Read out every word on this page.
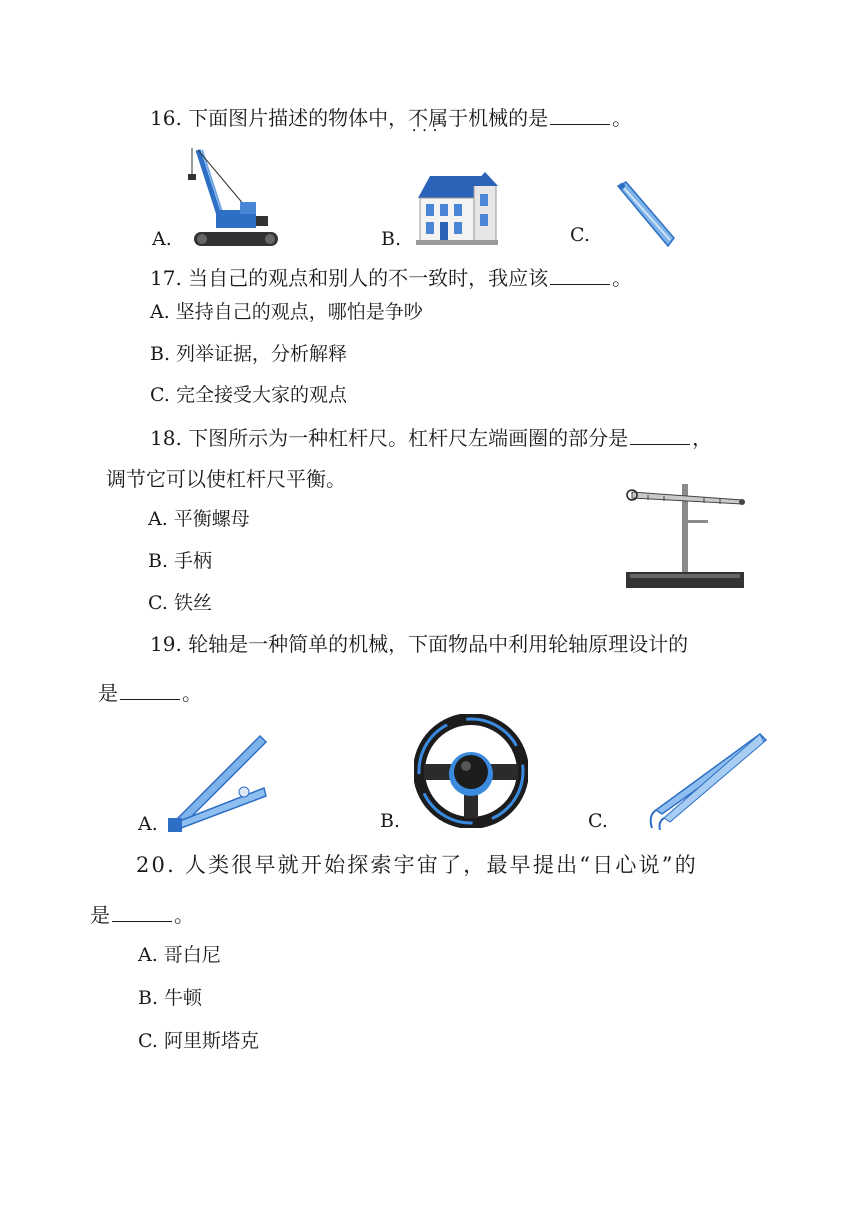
16. 下面图片描述的物体中，不属于 • • •机械的是	。
A.	B.	C.
17. 当自己的观点和别人的不一致时，我应该	。
A. 坚持自己的观点，哪怕是争吵
B. 列举证据，分析解释
C. 完全接受大家的观点
18. 下图所示为一种杠杆尺。杠杆尺左端画圈的部分是	，
调节它可以使杠杆尺平衡。
A. 平衡螺母
B. 手柄
C. 铁丝
19. 轮轴是一种简单的机械，下面物品中利用轮轴原理设计的
是	。
A.	B.	C.
20. 人类很早就开始探索宇宙了，最早提出“日心说”的
是	。
A. 哥白尼
B. 牛顿
C. 阿里斯塔克
